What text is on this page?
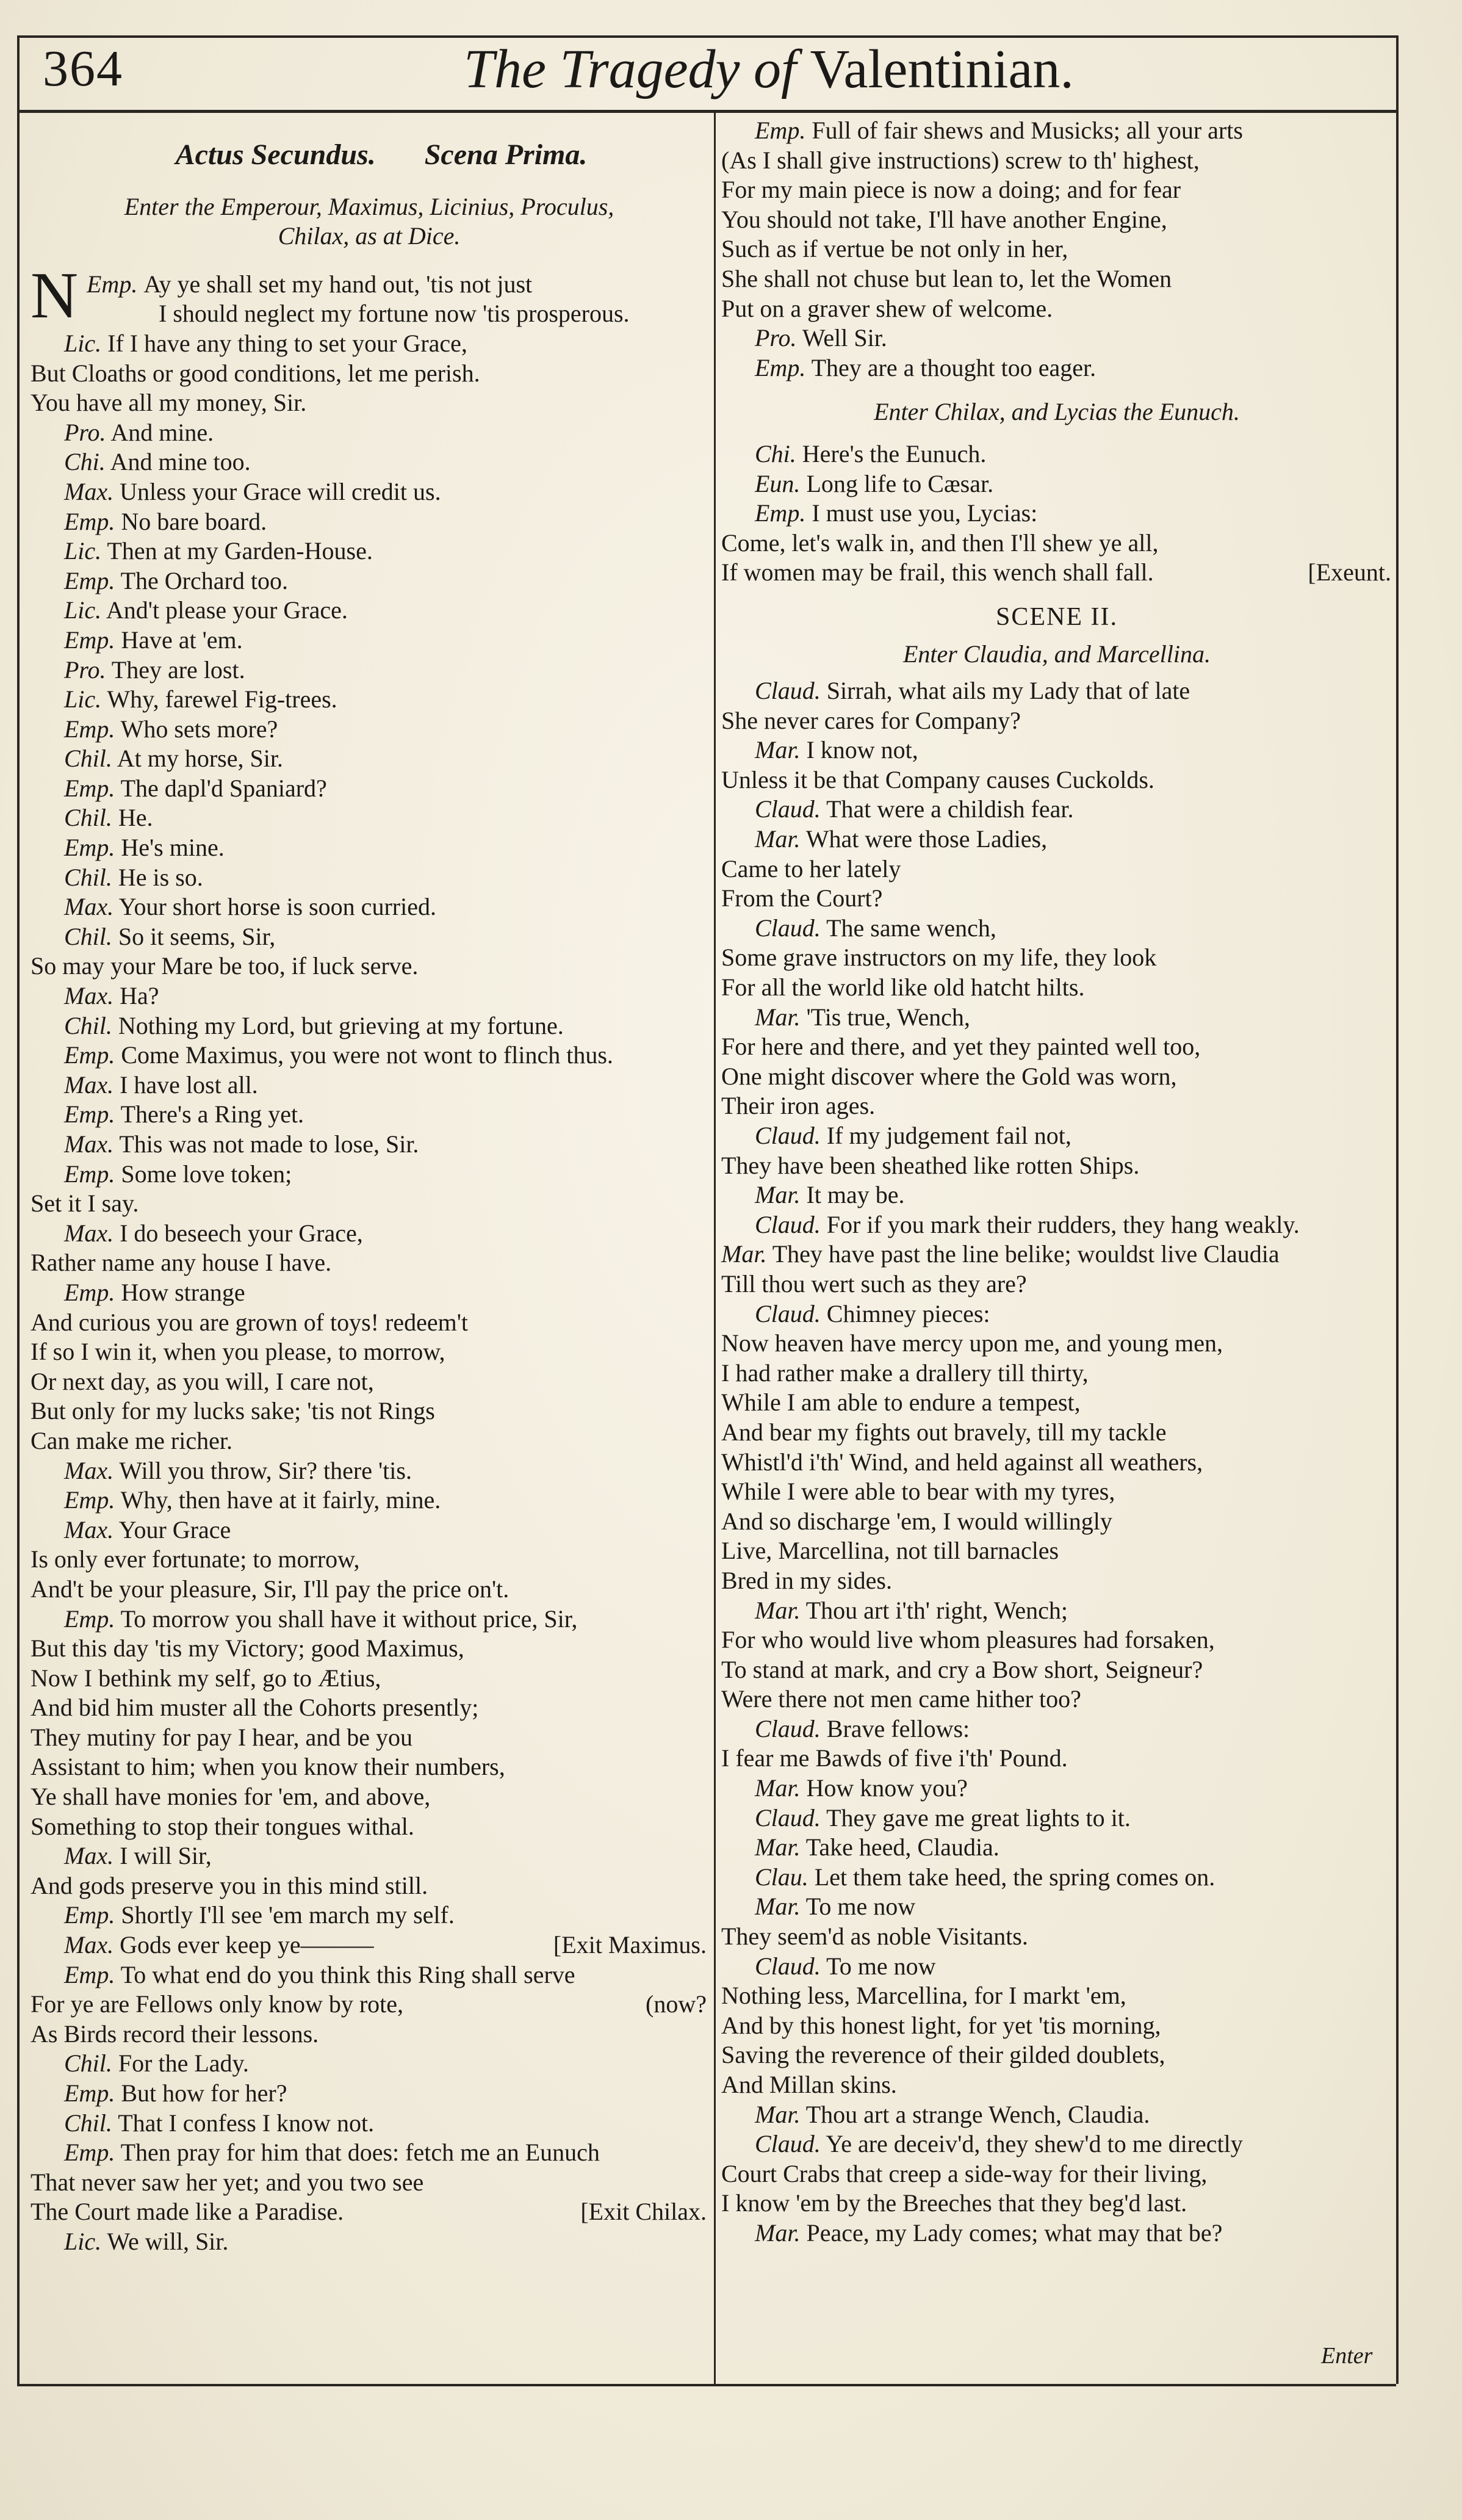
364	The Tragedy of Valentinian.
Actus Secundus. Scena Prima.
Enter the Emperour, Maximus, Licinius, Proculus,
Chilax, as at Dice.
Emp.
N	Ay ye shall set my hand out, 'tis not just
I should neglect my fortune now 'tis prosperous.
Lic. If I have any thing to set your Grace,
But Cloaths or good conditions, let me perish.
You have all my money, Sir.
Pro. And mine.
Chi. And mine too.
Max. Unless your Grace will credit us.
Emp. No bare board.
Lic. Then at my Garden-House.
Emp. The Orchard too.
Lic. And't please your Grace.
Emp. Have at 'em.
Pro. They are lost.
Lic. Why, farewel Fig-trees.
Emp. Who sets more?
Chil. At my horse, Sir.
Emp. The dapl'd Spaniard?
Chil. He.
Emp. He's mine.
Chil. He is so.
Max. Your short horse is soon curried.
Chil. So it seems, Sir,
So may your Mare be too, if luck serve.
Max. Ha?
Chil. Nothing my Lord, but grieving at my fortune.
Emp. Come Maximus, you were not wont to flinch thus.
Max. I have lost all.
Emp. There's a Ring yet.
Max. This was not made to lose, Sir.
Emp. Some love token;
Set it I say.
Max. I do beseech your Grace,
Rather name any house I have.
Emp. How strange
And curious you are grown of toys! redeem't
If so I win it, when you please, to morrow,
Or next day, as you will, I care not,
But only for my lucks sake; 'tis not Rings
Can make me richer.
Max. Will you throw, Sir? there 'tis.
Emp. Why, then have at it fairly, mine.
Max. Your Grace
Is only ever fortunate; to morrow,
And't be your pleasure, Sir, I'll pay the price on't.
Emp. To morrow you shall have it without price, Sir,
But this day 'tis my Victory; good Maximus,
Now I bethink my self, go to Ætius,
And bid him muster all the Cohorts presently;
They mutiny for pay I hear, and be you
Assistant to him; when you know their numbers,
Ye shall have monies for 'em, and above,
Something to stop their tongues withal.
Max. I will Sir,
And gods preserve you in this mind still.
Emp. Shortly I'll see 'em march my self.
Max. Gods ever keep ye———	[Exit Maximus.
Emp. To what end do you think this Ring shall serve
For ye are Fellows only know by rote,	(now?
As Birds record their lessons.
Chil. For the Lady.
Emp. But how for her?
Chil. That I confess I know not.
Emp. Then pray for him that does: fetch me an Eunuch
That never saw her yet; and you two see
The Court made like a Paradise.	[Exit Chilax.
Lic. We will, Sir.
Emp. Full of fair shews and Musicks; all your arts
(As I shall give instructions) screw to th' highest,
For my main piece is now a doing; and for fear
You should not take, I'll have another Engine,
Such as if vertue be not only in her,
She shall not chuse but lean to, let the Women
Put on a graver shew of welcome.
Pro. Well Sir.
Emp. They are a thought too eager.
Enter Chilax, and Lycias the Eunuch.
Chi. Here's the Eunuch.
Eun. Long life to Cæsar.
Emp. I must use you, Lycias:
Come, let's walk in, and then I'll shew ye all,
If women may be frail, this wench shall fall.	[Exeunt.
SCENE II.
Enter Claudia, and Marcellina.
Claud. Sirrah, what ails my Lady that of late
She never cares for Company?
Mar. I know not,
Unless it be that Company causes Cuckolds.
Claud. That were a childish fear.
Mar. What were those Ladies,
Came to her lately
From the Court?
Claud. The same wench,
Some grave instructors on my life, they look
For all the world like old hatcht hilts.
Mar. 'Tis true, Wench,
For here and there, and yet they painted well too,
One might discover where the Gold was worn,
Their iron ages.
Claud. If my judgement fail not,
They have been sheathed like rotten Ships.
Mar. It may be.
Claud. For if you mark their rudders, they hang weakly.
Mar. They have past the line belike; wouldst live Claudia
Till thou wert such as they are?
Claud. Chimney pieces:
Now heaven have mercy upon me, and young men,
I had rather make a drallery till thirty,
While I am able to endure a tempest,
And bear my fights out bravely, till my tackle
Whistl'd i'th' Wind, and held against all weathers,
While I were able to bear with my tyres,
And so discharge 'em, I would willingly
Live, Marcellina, not till barnacles
Bred in my sides.
Mar. Thou art i'th' right, Wench;
For who would live whom pleasures had forsaken,
To stand at mark, and cry a Bow short, Seigneur?
Were there not men came hither too?
Claud. Brave fellows:
I fear me Bawds of five i'th' Pound.
Mar. How know you?
Claud. They gave me great lights to it.
Mar. Take heed, Claudia.
Clau. Let them take heed, the spring comes on.
Mar. To me now
They seem'd as noble Visitants.
Claud. To me now
Nothing less, Marcellina, for I markt 'em,
And by this honest light, for yet 'tis morning,
Saving the reverence of their gilded doublets,
And Millan skins.
Mar. Thou art a strange Wench, Claudia.
Claud. Ye are deceiv'd, they shew'd to me directly
Court Crabs that creep a side-way for their living,
I know 'em by the Breeches that they beg'd last.
Mar. Peace, my Lady comes; what may that be?
Enter
